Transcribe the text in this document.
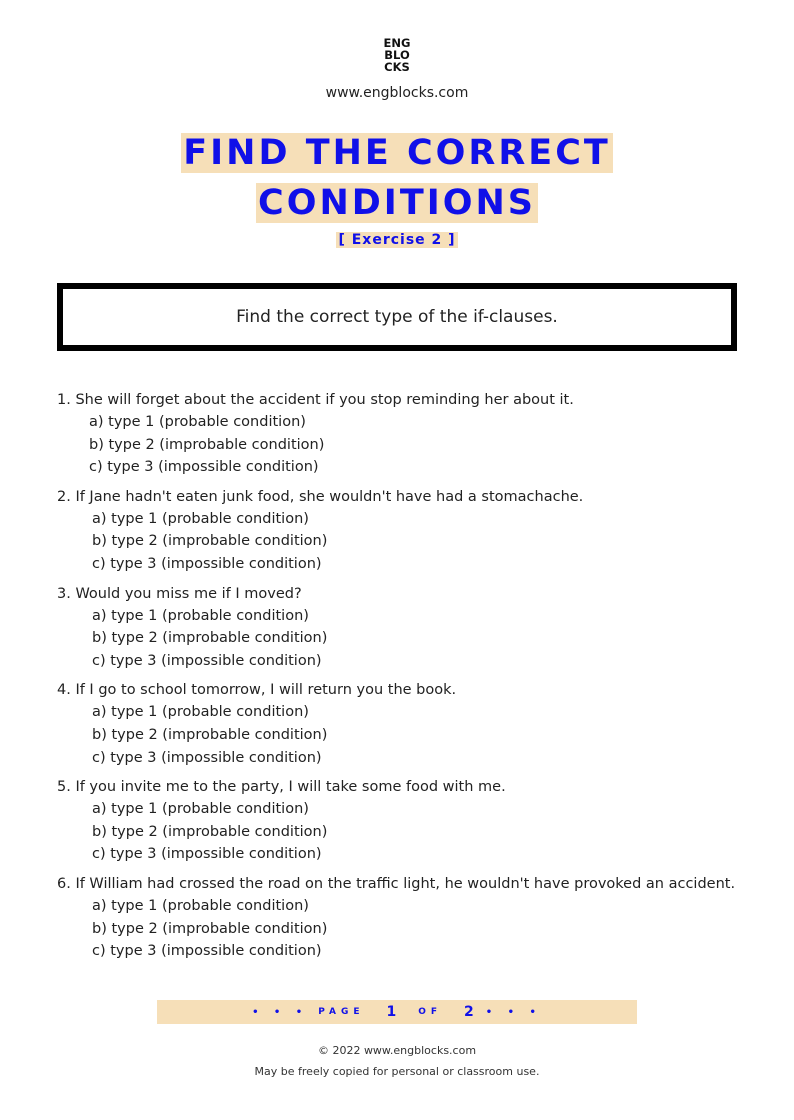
ENG
BLO
CKS
www.engblocks.com
FIND THE CORRECT
CONDITIONS
[ Exercise 2 ]
Find the correct type of the if-clauses.
1. She will forget about the accident if you stop reminding her about it.
a) type 1 (probable condition)
b) type 2 (improbable condition)
c) type 3 (impossible condition)
2. If Jane hadn't eaten junk food, she wouldn't have had a stomachache.
a) type 1 (probable condition)
b) type 2 (improbable condition)
c) type 3 (impossible condition)
3. Would you miss me if I moved?
a) type 1 (probable condition)
b) type 2 (improbable condition)
c) type 3 (impossible condition)
4. If I go to school tomorrow, I will return you the book.
a) type 1 (probable condition)
b) type 2 (improbable condition)
c) type 3 (impossible condition)
5. If you invite me to the party, I will take some food with me.
a) type 1 (probable condition)
b) type 2 (improbable condition)
c) type 3 (impossible condition)
6. If William had crossed the road on the traffic light, he wouldn't have provoked an accident.
a) type 1 (probable condition)
b) type 2 (improbable condition)
c) type 3 (impossible condition)
• • • PAGE 1 OF 2 • • •
© 2022 www.engblocks.com
May be freely copied for personal or classroom use.
